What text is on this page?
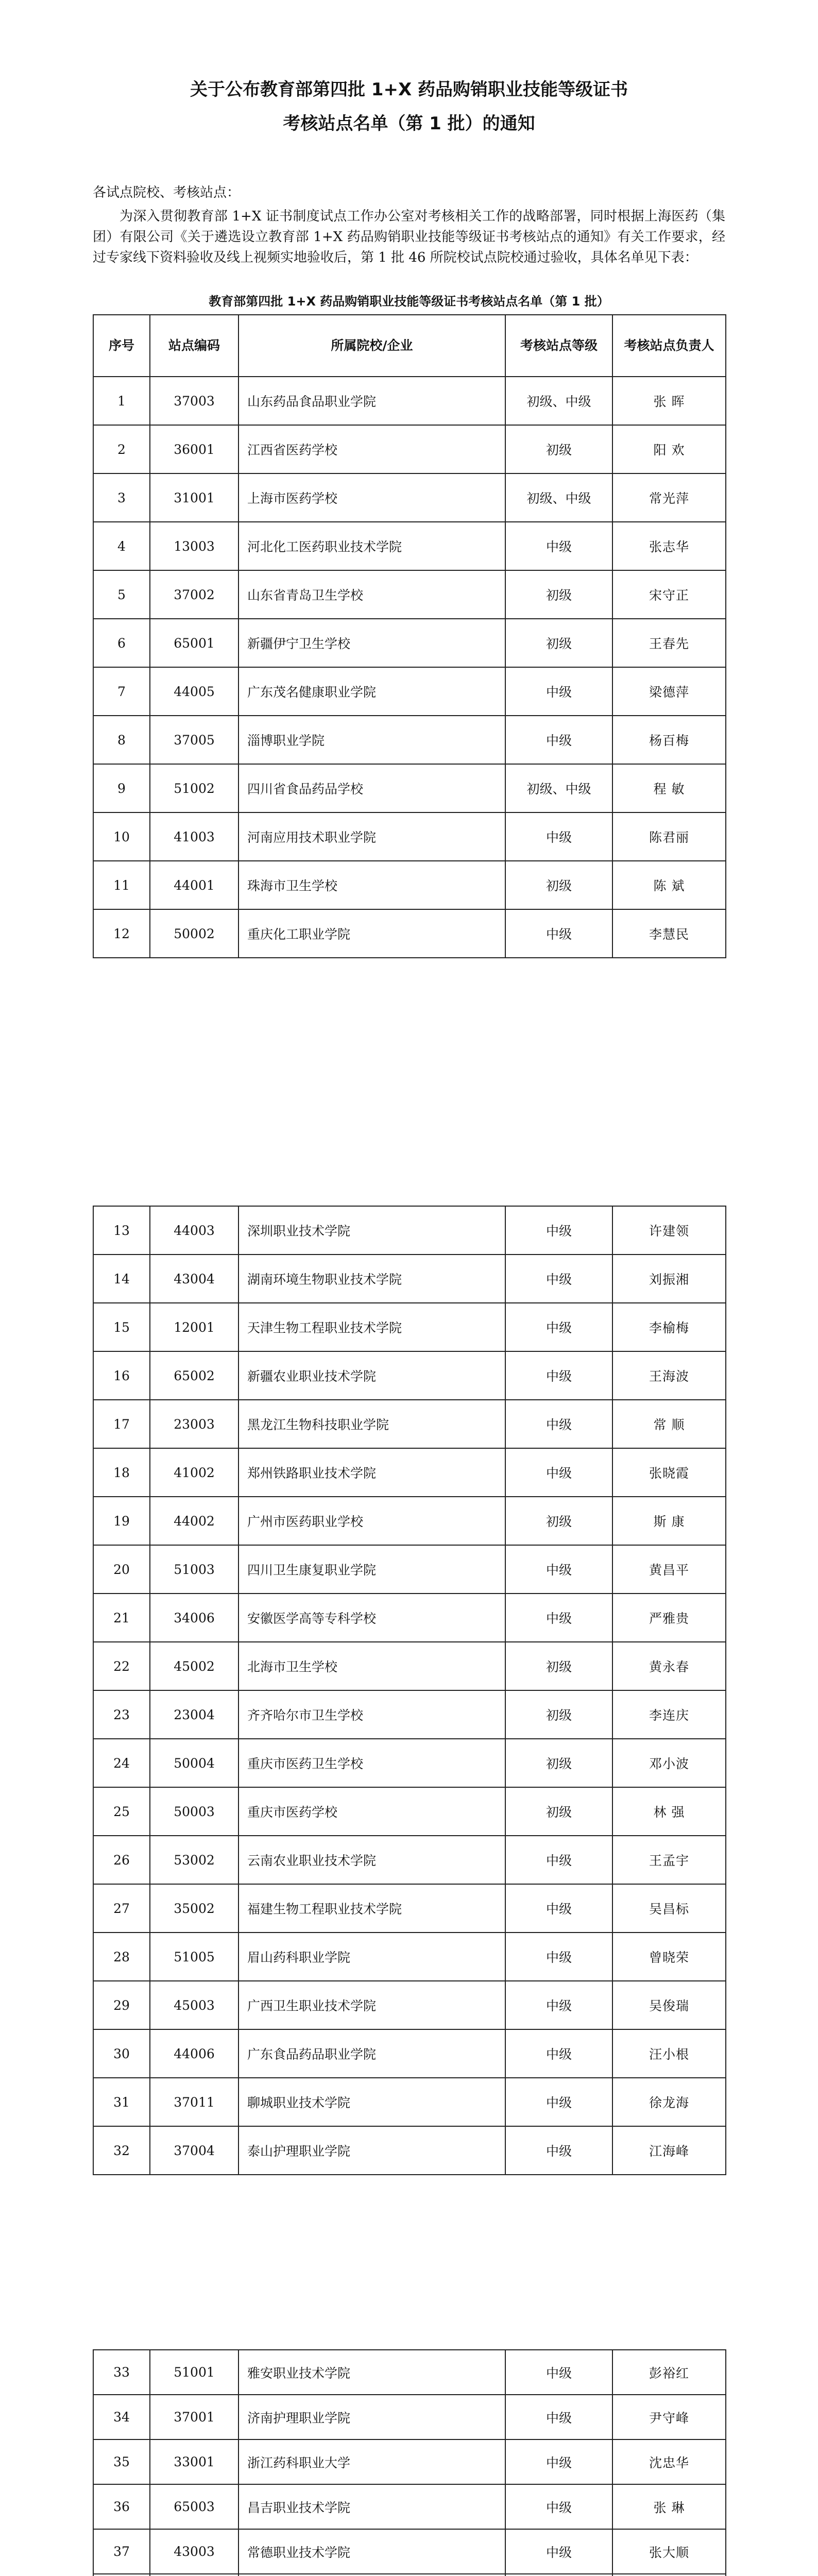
关于公布教育部第四批 1+X 药品购销职业技能等级证书

考核站点名单（第 1 批）的通知

各试点院校、考核站点：

为深入贯彻教育部 1+X 证书制度试点工作办公室对考核相关工作的战略部署，同时根据上海医药（集团）有限公司《关于遴选设立教育部 1+X 药品购销职业技能等级证书考核站点的通知》有关工作要求，经过专家线下资料验收及线上视频实地验收后，第 1 批 46 所院校试点院校通过验收，具体名单见下表：

教育部第四批 1+X 药品购销职业技能等级证书考核站点名单（第 1 批）
序号	站点编码	所属院校/企业	考核站点等级	考核站点负责人
1	37003	山东药品食品职业学院	初级、中级	张 晖
2	36001	江西省医药学校	初级	阳 欢
3	31001	上海市医药学校	初级、中级	常光萍
4	13003	河北化工医药职业技术学院	中级	张志华
5	37002	山东省青岛卫生学校	初级	宋守正
6	65001	新疆伊宁卫生学校	初级	王春先
7	44005	广东茂名健康职业学院	中级	梁德萍
8	37005	淄博职业学院	中级	杨百梅
9	51002	四川省食品药品学校	初级、中级	程 敏
10	41003	河南应用技术职业学院	中级	陈君丽
11	44001	珠海市卫生学校	初级	陈 斌
12	50002	重庆化工职业学院	中级	李慧民
13	44003	深圳职业技术学院	中级	许建领
14	43004	湖南环境生物职业技术学院	中级	刘振湘
15	12001	天津生物工程职业技术学院	中级	李榆梅
16	65002	新疆农业职业技术学院	中级	王海波
17	23003	黑龙江生物科技职业学院	中级	常 顺
18	41002	郑州铁路职业技术学院	中级	张晓霞
19	44002	广州市医药职业学校	初级	斯 康
20	51003	四川卫生康复职业学院	中级	黄昌平
21	34006	安徽医学高等专科学校	中级	严雅贵
22	45002	北海市卫生学校	初级	黄永春
23	23004	齐齐哈尔市卫生学校	初级	李连庆
24	50004	重庆市医药卫生学校	初级	邓小波
25	50003	重庆市医药学校	初级	林 强
26	53002	云南农业职业技术学院	中级	王孟宇
27	35002	福建生物工程职业技术学院	中级	吴昌标
28	51005	眉山药科职业学院	中级	曾晓荣
29	45003	广西卫生职业技术学院	中级	吴俊瑞
30	44006	广东食品药品职业学院	中级	汪小根
31	37011	聊城职业技术学院	中级	徐龙海
32	37004	泰山护理职业学院	中级	江海峰
33	51001	雅安职业技术学院	中级	彭裕红
34	37001	济南护理职业学院	中级	尹守峰
35	33001	浙江药科职业大学	中级	沈忠华
36	65003	昌吉职业技术学院	中级	张 琳
37	43003	常德职业技术学院	中级	张大顺
